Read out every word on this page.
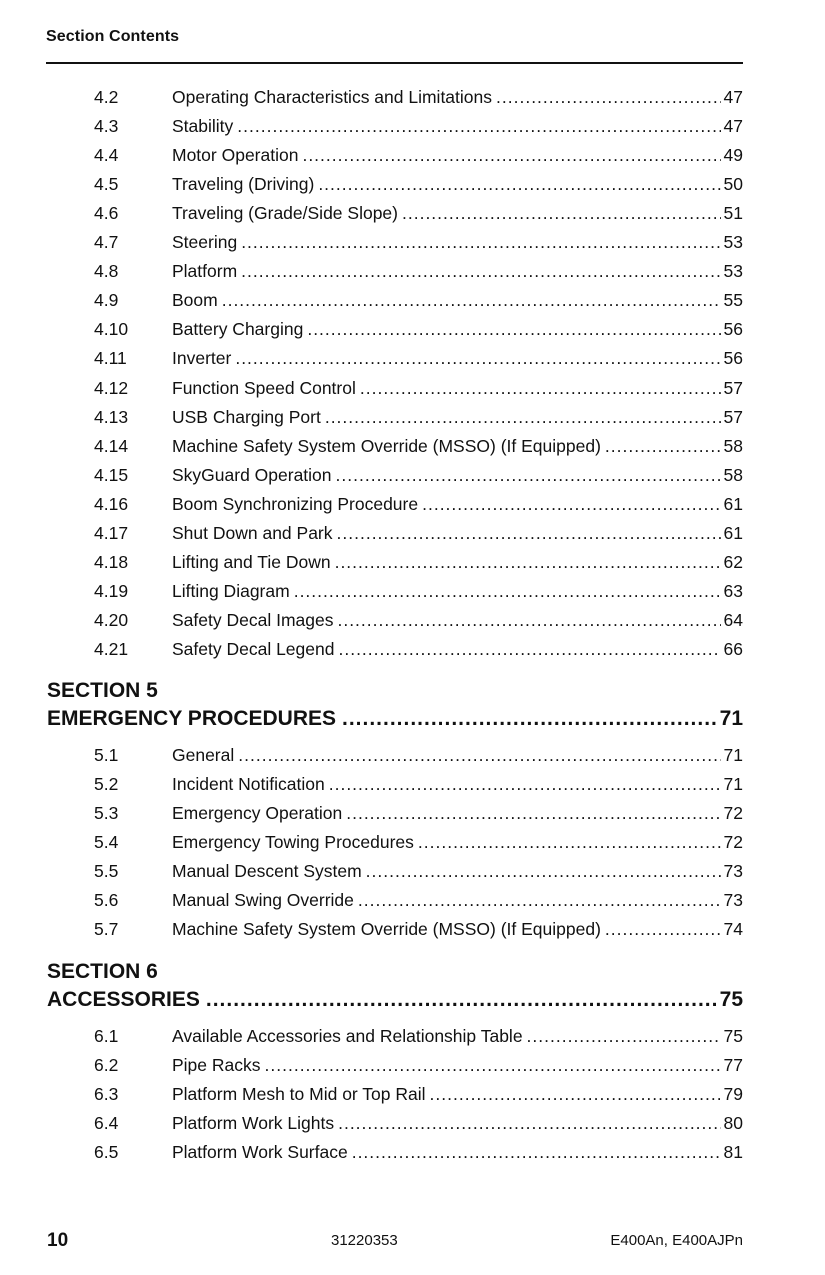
Section Contents
4.2	Operating Characteristics and Limitations .....	47
4.3	Stability .....	47
4.4	Motor Operation .....	49
4.5	Traveling (Driving) .....	50
4.6	Traveling (Grade/Side Slope) .....	51
4.7	Steering .....	53
4.8	Platform .....	53
4.9	Boom .....	55
4.10	Battery Charging .....	56
4.11	Inverter .....	56
4.12	Function Speed Control .....	57
4.13	USB Charging Port .....	57
4.14	Machine Safety System Override (MSSO) (If Equipped) .....	58
4.15	SkyGuard Operation .....	58
4.16	Boom Synchronizing Procedure .....	61
4.17	Shut Down and Park .....	61
4.18	Lifting and Tie Down .....	62
4.19	Lifting Diagram .....	63
4.20	Safety Decal Images .....	64
4.21	Safety Decal Legend .....	66
SECTION 5
EMERGENCY PROCEDURES .....	71
5.1	General .....	71
5.2	Incident Notification .....	71
5.3	Emergency Operation .....	72
5.4	Emergency Towing Procedures .....	72
5.5	Manual Descent System .....	73
5.6	Manual Swing Override .....	73
5.7	Machine Safety System Override (MSSO) (If Equipped) .....	74
SECTION 6
ACCESSORIES .....	75
6.1	Available Accessories and Relationship Table .....	75
6.2	Pipe Racks .....	77
6.3	Platform Mesh to Mid or Top Rail .....	79
6.4	Platform Work Lights .....	80
6.5	Platform Work Surface .....	81
10	31220353	E400An, E400AJPn
